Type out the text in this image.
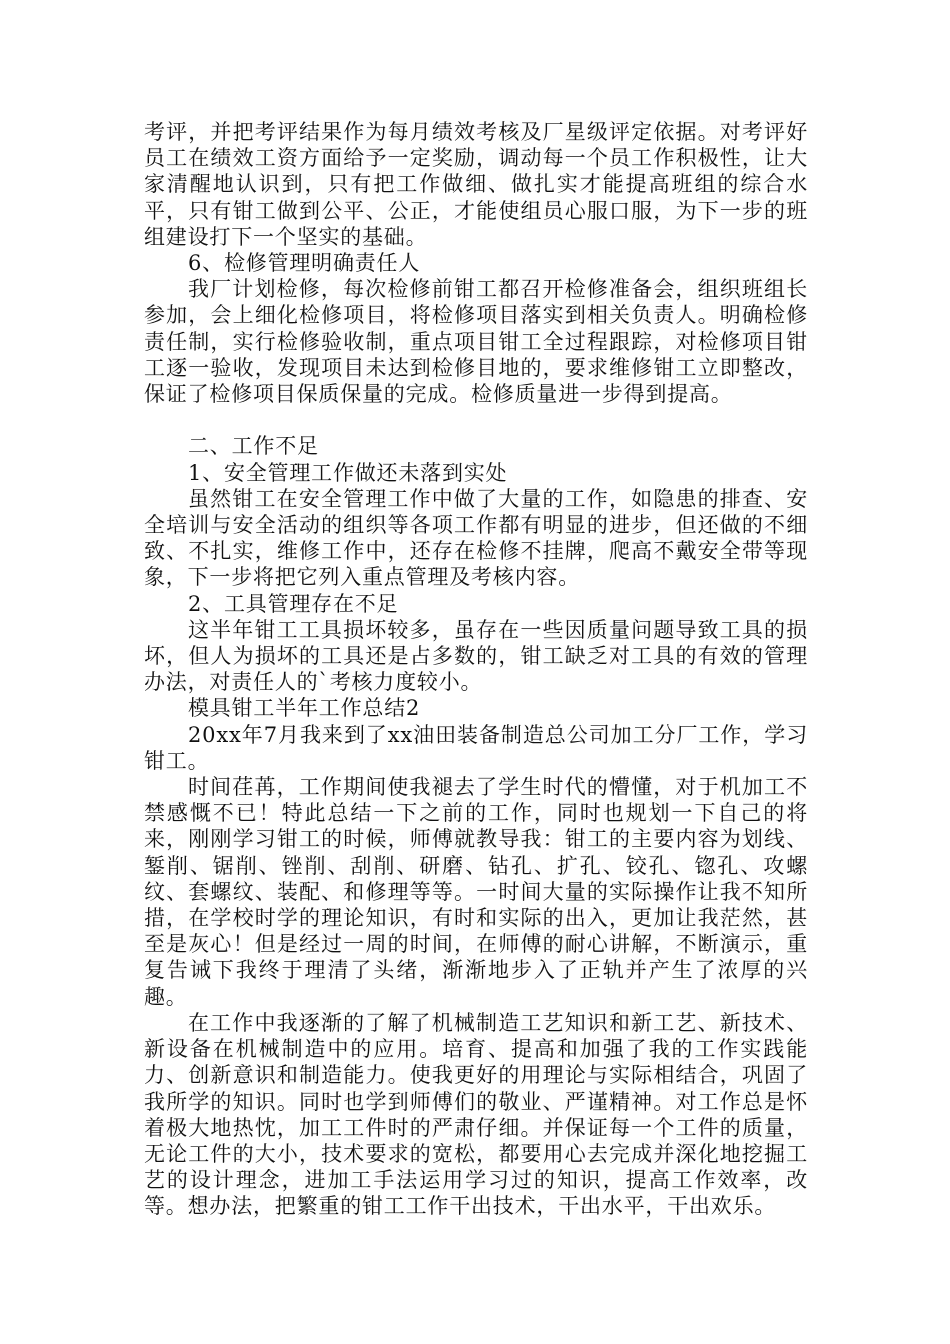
考评，并把考评结果作为每月绩效考核及厂星级评定依据。对考评好员工在绩效工资方面给予一定奖励，调动每一个员工作积极性，让大家清醒地认识到，只有把工作做细、做扎实才能提高班组的综合水平，只有钳工做到公平、公正，才能使组员心服口服，为下一步的班组建设打下一个坚实的基础。

6、检修管理明确责任人

我厂计划检修，每次检修前钳工都召开检修准备会，组织班组长参加，会上细化检修项目，将检修项目落实到相关负责人。明确检修责任制，实行检修验收制，重点项目钳工全过程跟踪，对检修项目钳工逐一验收，发现项目未达到检修目地的，要求维修钳工立即整改，保证了检修项目保质保量的完成。检修质量进一步得到提高。

二、工作不足

1、安全管理工作做还未落到实处

虽然钳工在安全管理工作中做了大量的工作，如隐患的排查、安全培训与安全活动的组织等各项工作都有明显的进步，但还做的不细致、不扎实，维修工作中，还存在检修不挂牌，爬高不戴安全带等现象，下一步将把它列入重点管理及考核内容。

2、工具管理存在不足

这半年钳工工具损坏较多，虽存在一些因质量问题导致工具的损坏，但人为损坏的工具还是占多数的，钳工缺乏对工具的有效的管理办法，对责任人的`考核力度较小。

模具钳工半年工作总结2

20xx年7月我来到了xx油田装备制造总公司加工分厂工作，学习钳工。

时间荏苒，工作期间使我褪去了学生时代的懵懂，对于机加工不禁感慨不已！特此总结一下之前的工作，同时也规划一下自己的将来，刚刚学习钳工的时候，师傅就教导我：钳工的主要内容为划线、錾削、锯削、锉削、刮削、研磨、钻孔、扩孔、铰孔、锪孔、攻螺纹、套螺纹、装配、和修理等等。一时间大量的实际操作让我不知所措，在学校时学的理论知识，有时和实际的出入，更加让我茫然，甚至是灰心！但是经过一周的时间，在师傅的耐心讲解，不断演示，重复告诫下我终于理清了头绪，渐渐地步入了正轨并产生了浓厚的兴趣。

在工作中我逐渐的了解了机械制造工艺知识和新工艺、新技术、新设备在机械制造中的应用。培育、提高和加强了我的工作实践能力、创新意识和制造能力。使我更好的用理论与实际相结合，巩固了我所学的知识。同时也学到师傅们的敬业、严谨精神。对工作总是怀着极大地热忱，加工工件时的严肃仔细。并保证每一个工件的质量，无论工件的大小，技术要求的宽松，都要用心去完成并深化地挖掘工艺的设计理念，进加工手法运用学习过的知识，提高工作效率，改等。想办法，把繁重的钳工工作干出技术，干出水平，干出欢乐。
